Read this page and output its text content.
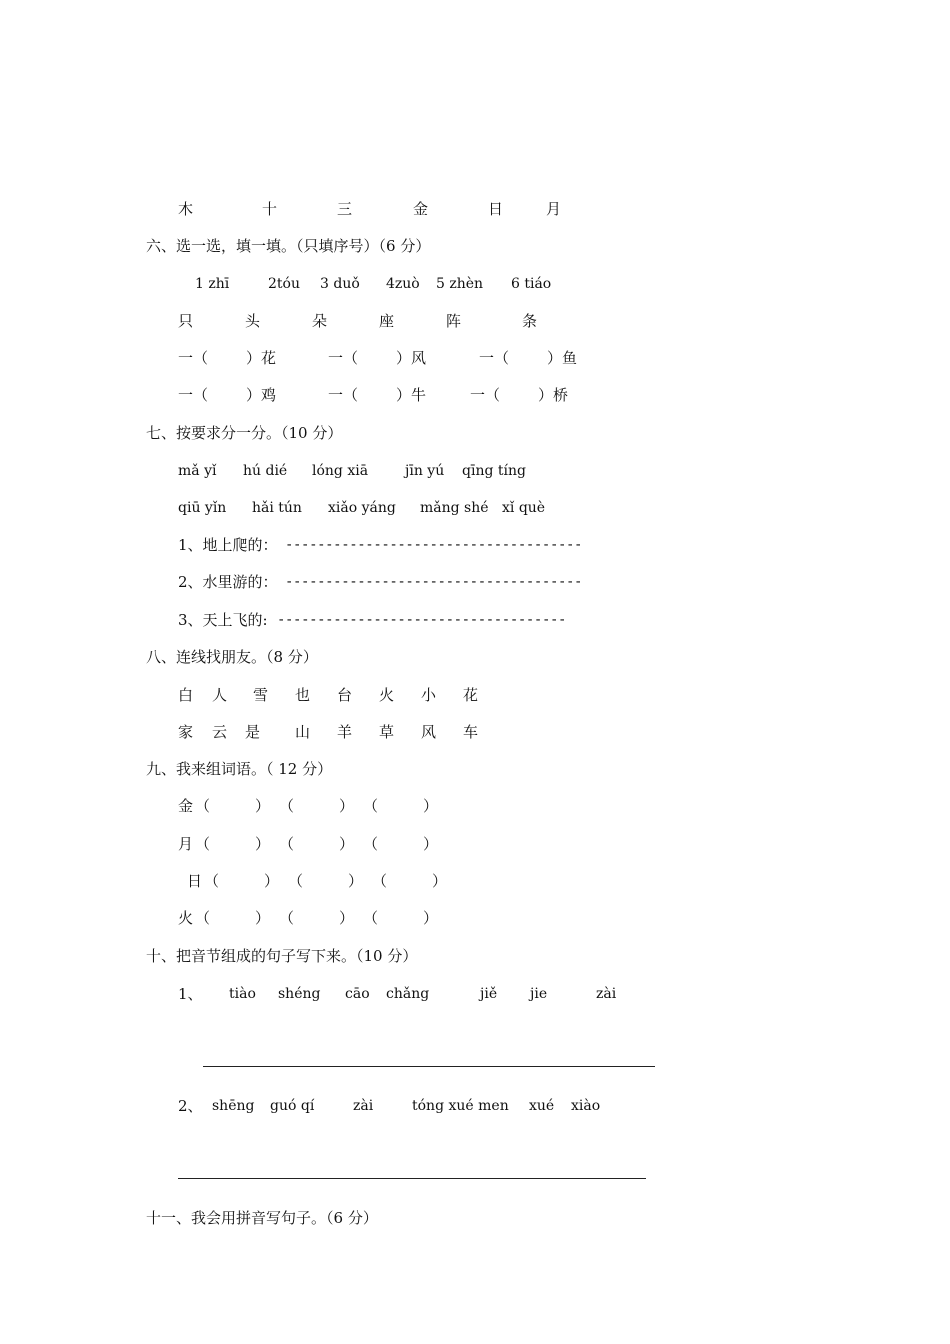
木	十	三	金	日	月
六、选一选，填一填。（只填序号）（6 分）
1 zhī	2tóu 3 duǒ 4zuò 5 zhèn 6 tiáo
只	头	朵	座	阵	条
一（	）花	一（	）风	一（	）鱼
一（	）鸡	一（	）牛	一（	）桥
七、按要求分一分。（10 分）
mǎ yǐ hú dié lóng xiā	jīn yú qīng tíng
qiū yǐn hǎi tún xiǎo yáng mǎng shé xǐ què
1、地上爬的： -------------------------------------
2、水里游的： -------------------------------------
3、天上飞的: ------------------------------------
八、连线找朋友。（8 分）
白 人 雪 也 台 火 小 花
家 云 是 山 羊 草 风 车
九、我来组词语。（ 12 分）
金 （	） （	） （	）
月 （	） （	） （	）
日 （	） （	） （	）
火 （	） （	） （	）
十、把音节组成的句子写下来。（10 分）
1、 tiào shéng cāo chǎng	jiě jie	zài
2、 shēng guó qí	zài	tóng xué men xué xiào
十一、我会用拼音写句子。（6 分）
